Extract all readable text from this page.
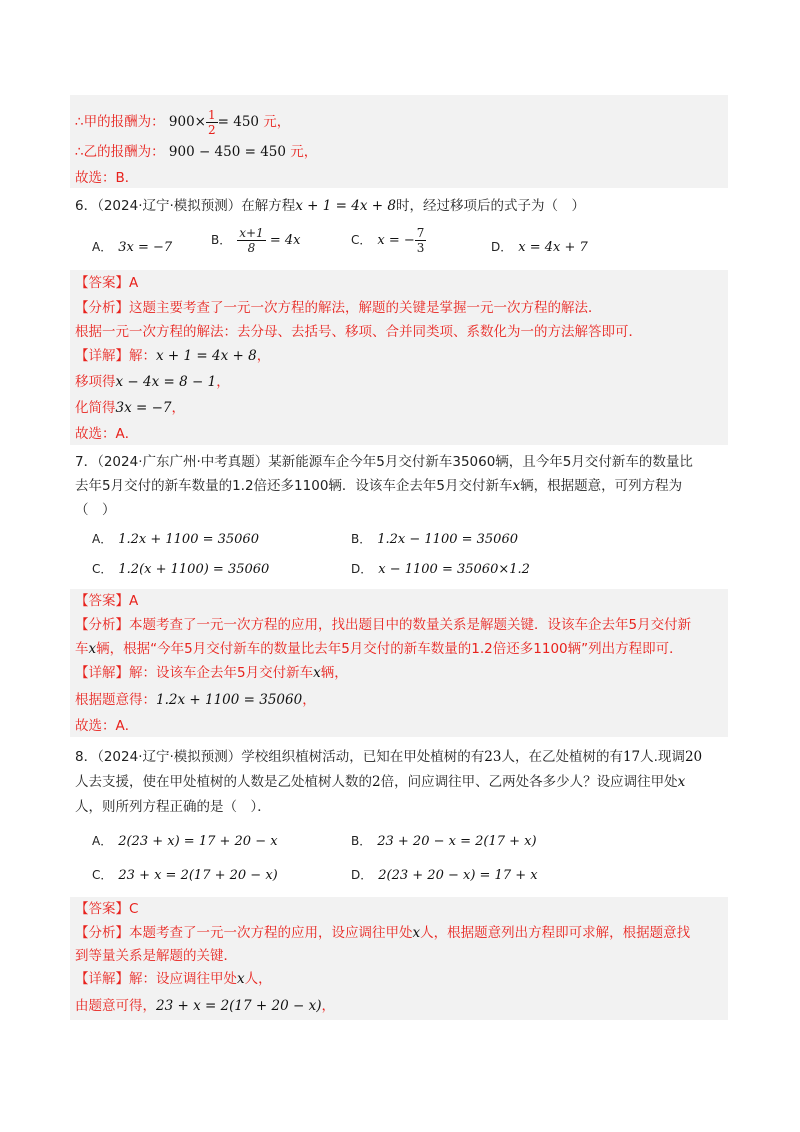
∴甲的报酬为： $900\times \frac{1}{2} = 450$ 元，
∴乙的报酬为： 900 − 450 = 450 元，
故选：B．
6．（2024·辽宁·模拟预测）在解方程x + 1 = 4x + 8时，经过移项后的式子为（　）
A． 3x = −7	B． $\frac{x+1}{8} = 4x$	C． x = − $\frac{7}{3}$	D． x = 4x + 7
【答案】A
【分析】这题主要考查了一元一次方程的解法，解题的关键是掌握一元一次方程的解法．
根据一元一次方程的解法：去分母、去括号、移项、合并同类项、系数化为一的方法解答即可．
【详解】解：x + 1 = 4x + 8，
移项得x − 4x = 8 − 1，
化简得3x = −7，
故选：A．
7．（2024·广东广州·中考真题）某新能源车企今年5月交付新车35060辆，且今年5月交付新车的数量比
去年5月交付的新车数量的1.2倍还多1100辆．设该车企去年5月交付新车x辆，根据题意，可列方程为
（　）
A． 1.2x + 1100 = 35060	B． 1.2x − 1100 = 35060
C． 1.2(x + 1100) = 35060	D． x − 1100 = 35060×1.2
【答案】A
【分析】本题考查了一元一次方程的应用，找出题目中的数量关系是解题关键．设该车企去年5月交付新
车x辆，根据“今年5月交付新车的数量比去年5月交付的新车数量的1.2倍还多1100辆”列出方程即可．
【详解】解：设该车企去年5月交付新车x辆，
根据题意得：1.2x + 1100 = 35060，
故选：A．
8．（2024·辽宁·模拟预测）学校组织植树活动，已知在甲处植树的有23人，在乙处植树的有17人.现调20
人去支援，使在甲处植树的人数是乙处植树人数的2倍，问应调往甲、乙两处各多少人？设应调往甲处x
人，则所列方程正确的是（　）．
A． 2(23 + x) = 17 + 20 − x	B． 23 + 20 − x = 2(17 + x)
C． 23 + x = 2(17 + 20 − x)	D． 2(23 + 20 − x) = 17 + x
【答案】C
【分析】本题考查了一元一次方程的应用，设应调往甲处x人，根据题意列出方程即可求解，根据题意找
到等量关系是解题的关键．
【详解】解：设应调往甲处x人，
由题意可得，23 + x = 2(17 + 20 − x)，
